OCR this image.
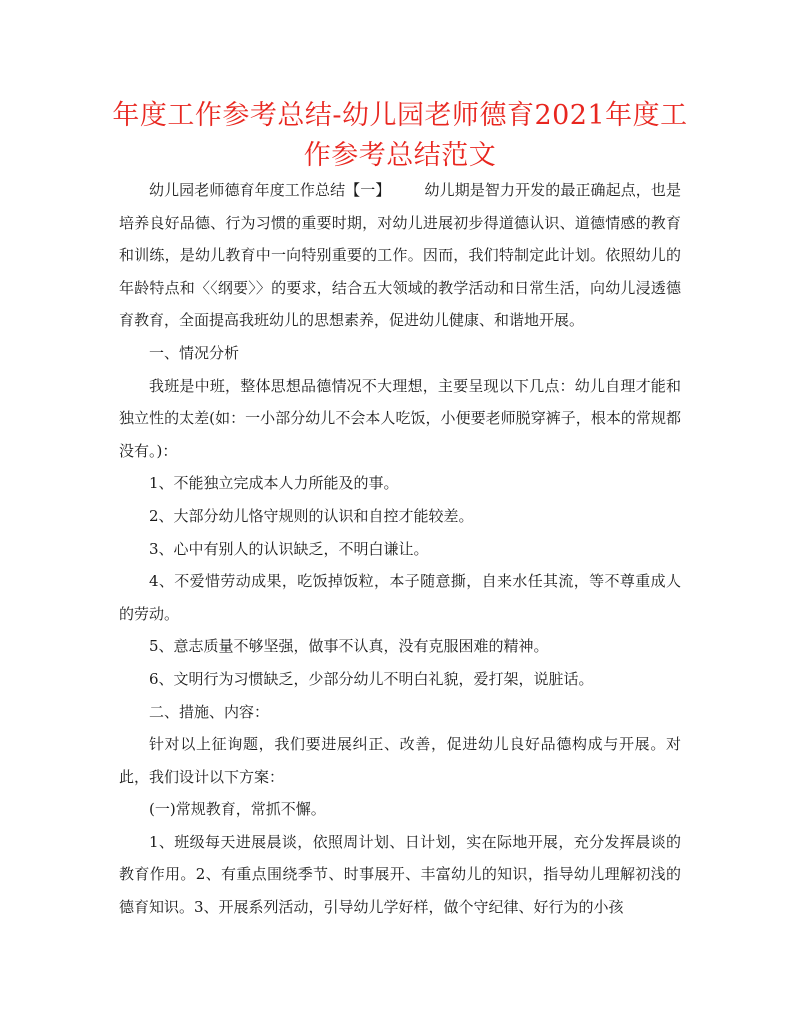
年度工作参考总结-幼儿园老师德育2021年度工作参考总结范文

幼儿园老师德育年度工作总结【一】 幼儿期是智力开发的最正确起点，也是培养良好品德、行为习惯的重要时期，对幼儿进展初步得道德认识、道德情感的教育和训练，是幼儿教育中一向特别重要的工作。因而，我们特制定此计划。依照幼儿的年龄特点和〈〈纲要〉〉的要求，结合五大领域的教学活动和日常生活，向幼儿浸透德育教育，全面提高我班幼儿的思想素养，促进幼儿健康、和谐地开展。

一、情况分析

我班是中班，整体思想品德情况不大理想，主要呈现以下几点：幼儿自理才能和独立性的太差(如：一小部分幼儿不会本人吃饭，小便要老师脱穿裤子，根本的常规都没有。)：

1、不能独立完成本人力所能及的事。

2、大部分幼儿恪守规则的认识和自控才能较差。

3、心中有别人的认识缺乏，不明白谦让。

4、不爱惜劳动成果，吃饭掉饭粒，本子随意撕，自来水任其流，等不尊重成人的劳动。

5、意志质量不够坚强，做事不认真，没有克服困难的精神。

6、文明行为习惯缺乏，少部分幼儿不明白礼貌，爱打架，说脏话。

二、措施、内容：

针对以上征询题，我们要进展纠正、改善，促进幼儿良好品德构成与开展。对此，我们设计以下方案：

(一)常规教育，常抓不懈。

1、班级每天进展晨谈，依照周计划、日计划，实在际地开展，充分发挥晨谈的教育作用。2、有重点围绕季节、时事展开、丰富幼儿的知识，指导幼儿理解初浅的德育知识。3、开展系列活动，引导幼儿学好样，做个守纪律、好行为的小孩
